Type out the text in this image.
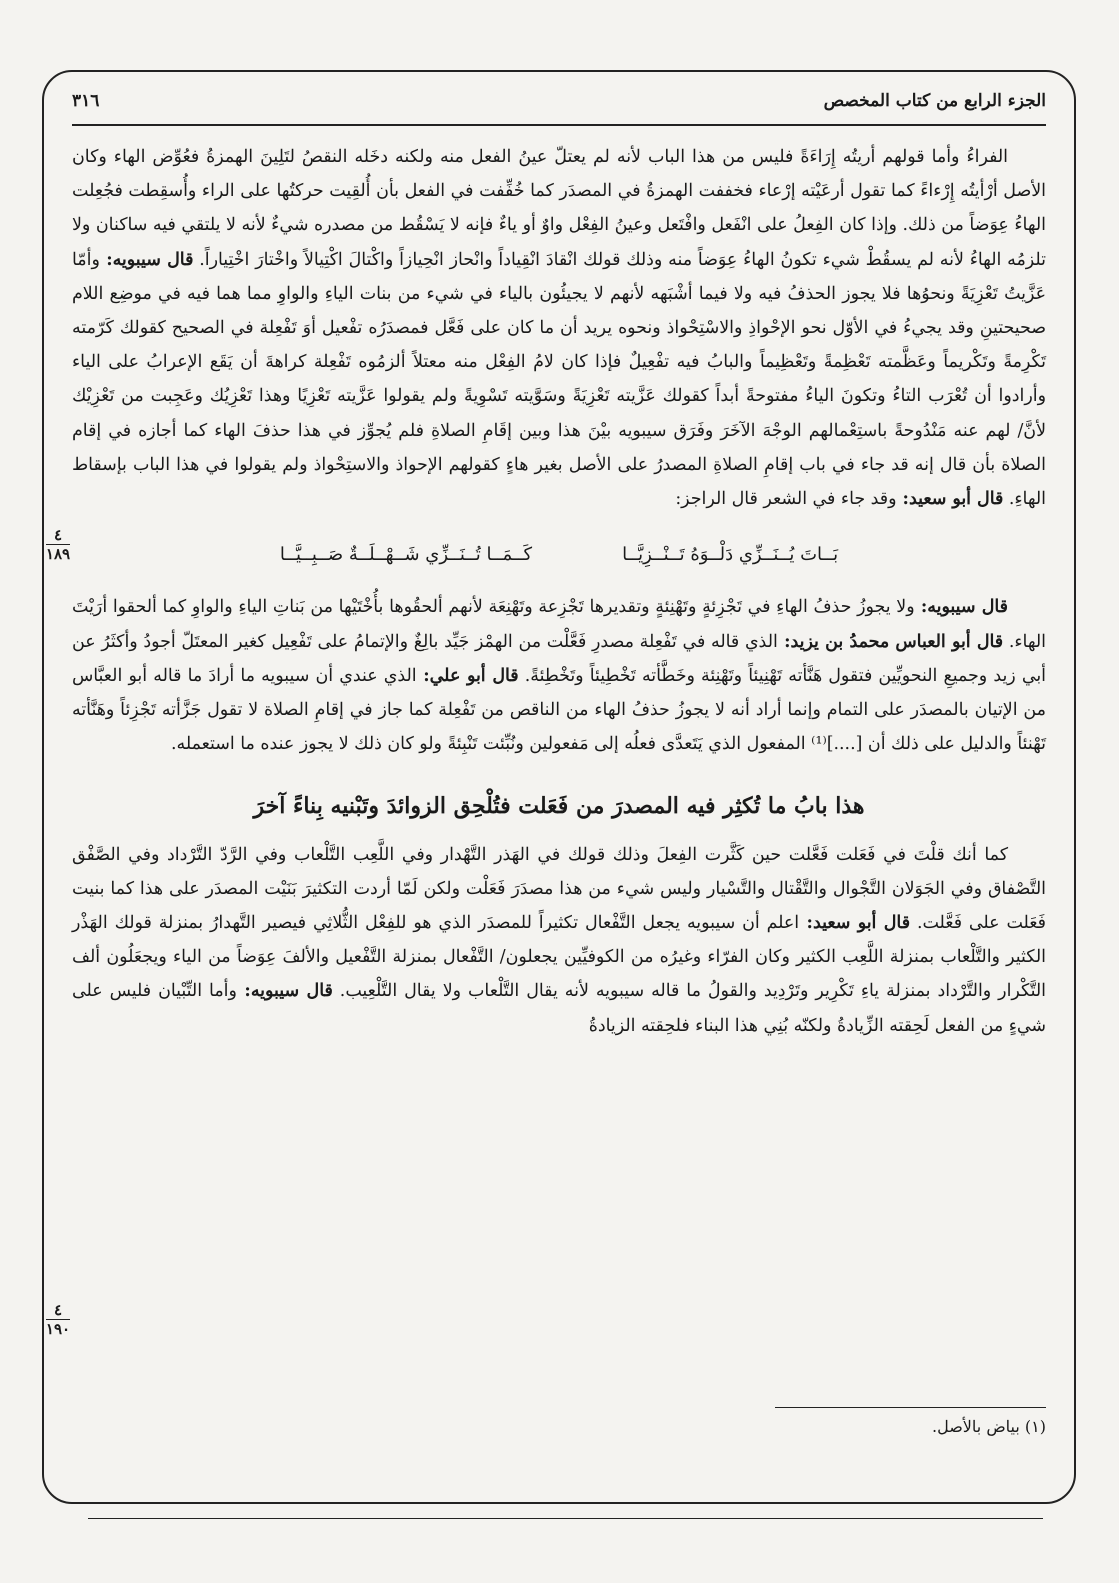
الجزء الرابع من كتاب المخصص
٣١٦

الفراءُ وأما قولهم أريتُه إِرَاءَةً فليس من هذا الباب لأنه لم يعتلّ عينُ الفعل منه ولكنه دخَله النقصُ لتَلِينَ الهمزةُ فعُوِّض الهاء وكان الأصل أرْأيتُه إِرْءاءً كما تقول أرعَيْته إرْعاء فخففت الهمزةُ في المصدَر كما خُفِّفت في الفعل بأن أُلقِيت حركتُها على الراء وأُسقِطت فجُعِلت الهاءُ عِوَضاً من ذلك. وإذا كان الفِعلُ على انْفَعل وافْتَعل وعينُ الفِعْل واوٌ أو ياءٌ فإنه لا يَسْقُط من مصدره شيءٌ لأنه لا يلتقي فيه ساكنان ولا تلزمُه الهاءُ لأنه لم يسقُطْ شيء تكونُ الهاءُ عِوَضاً منه وذلك قولك انْقادَ انْقِياداً وانْحاز انْحِيازاً واكْتالَ اكْتِيالاً واخْتارَ اخْتِياراً. قال سيبويه: وأمّا عَزَّيتُ تَعْزِيَةً ونحوُها فلا يجوز الحذفُ فيه ولا فيما أشْبَهه لأنهم لا يجيئُون بالياء في شيء من بنات الياءِ والواوِ مما هما فيه في موضِع اللام صحيحتينِ وقد يجيءُ في الأوّل نحو الإحْواذِ والاسْتِحْواذ ونحوه يريد أن ما كان على فَعَّل فمصدَرُه تفْعيل أوَ تَفْعِلة في الصحيح كقولك كَرّمته تَكْرِمةً وتَكْريماً وعَظَّمته تَعْظِمةً وتَعْظِيماً والبابُ فيه تفْعِيلٌ فإذا كان لامُ الفِعْل منه معتلاً ألزمُوه تَفْعِلة كراهةَ أن يَقَع الإعرابُ على الياء وأرادوا أن تُعْرَب التاءُ وتكونَ الياءُ مفتوحةً أبداً كقولك عَزَّيته تَعْزِيَةً وسَوَّيته تَسْوِيةً ولم يقولوا عَزَّيته تَعْزِيًا وهذا تَعْزِيُك وعَجِبت من تَعْزِيْك لأنَّ/ لهم عنه مَنْدُوحةً باستِعْمالهم الوجْهَ الآخَرَ وفَرَق سيبويه بيْنَ هذا وبين إقَامِ الصلاةِ فلم يُجوِّز في هذا حذفَ الهاء كما أجازه في إقام الصلاة بأن قال إنه قد جاء في باب إقامِ الصلاةِ المصدرُ على الأصل بغير هاءٍ كقولهم الإحواذ والاستِحْواذ ولم يقولوا في هذا الباب بإسقاط الهاءِ. قال أبو سعيد: وقد جاء في الشعر قال الراجز:

بَــاتَ يُــنَــزِّي دَلْــوَهُ تَــنْــزِيَّــا
كَــمَــا تُــنَــزِّي شَــهْــلَــةٌ صَــبِــيَّــا

قال سيبويه: ولا يجوزُ حذفُ الهاءِ في تَجْزِئةٍ وتَهْنِئةٍ وتقديرها تَجْزِعة وتَهْنِعَة لأنهم ألحقُوها بأُخْتَيْها من بَناتِ الياءِ والواوِ كما ألحقوا أرَيْتَ الهاء. قال أبو العباس محمدُ بن يزيد: الذي قاله في تَفْعِلة مصدرِ فَعَّلْت من الهمْز جَيِّد بالِغٌ والإتمامُ على تَفْعِيل كغير المعتَلّ أجودُ وأكثَرُ عن أبي زيد وجميعِ النحويِّين فتقول هَنَّأته تَهْنِيئاً وتَهْنِئة وخَطَّأته تَخْطِيئاً وتَخْطِئةً. قال أبو علي: الذي عندي أن سيبويه ما أرادَ ما قاله أبو العبَّاس من الإتيان بالمصدَر على التمام وإنما أراد أنه لا يجوزُ حذفُ الهاء من الناقص من تَفْعِلة كما جاز في إقامِ الصلاة لا تقول جَزَّأته تَجْزِئاً وهَنَّأته تَهْنئاً والدليل على ذلك أن [....]⁽¹⁾ المفعول الذي يَتَعدَّى فعلُه إلى مَفعولين ونُبِّئت تَنْبِئةً ولو كان ذلك لا يجوز عنده ما استعمله.

هذا بابُ ما تُكثِر فيه المصدرَ من فَعَلت فتُلْحِق الزوائدَ وتَبْنيه بِناءً آخرَ

كما أنك قلْتَ في فَعَلت فَعَّلت حين كَثَّرت الفِعلَ وذلك قولك في الهَذر التَّهْدار وفي اللَّعِب التَّلْعاب وفي الرَّدّ التَّرْداد وفي الصَّفْق التَّصْفاق وفي الجَوَلان التَّجْوال والتَّقْتال والتَّسْيار وليس شيء من هذا مصدَرَ فَعَلْت ولكن لَمّا أردت التكثيرَ بَنَيْت المصدَر على هذا كما بنيت فَعَلت على فَعَّلت. قال أبو سعيد: اعلم أن سيبويه يجعل التَّفْعال تكثيراً للمصدَر الذي هو للفِعْل الثُّلاثِي فيصير التَّهدارُ بمنزلة قولك الهَذْر الكثير والتَّلْعاب بمنزلة اللَّعِب الكثير وكان الفرّاء وغيرُه من الكوفيِّين يجعلون/ التَّفْعال بمنزلة التَّفْعيل والألفَ عِوَضاً من الياء ويجعَلُون ألف التَّكْرار والتَّرْداد بمنزلة ياءِ تَكْرِير وتَرْدِيد والقولُ ما قاله سيبويه لأنه يقال التَّلْعاب ولا يقال التَّلْعِيب. قال سيبويه: وأما التِّبْيان فليس على شيءٍ من الفعل لَحِقته الزِّيادةُ ولكنّه بُنِي هذا البناء فلحِقته الزيادةُ

٤
١٨٩
٤
١٩٠
(١) بياض بالأصل.
